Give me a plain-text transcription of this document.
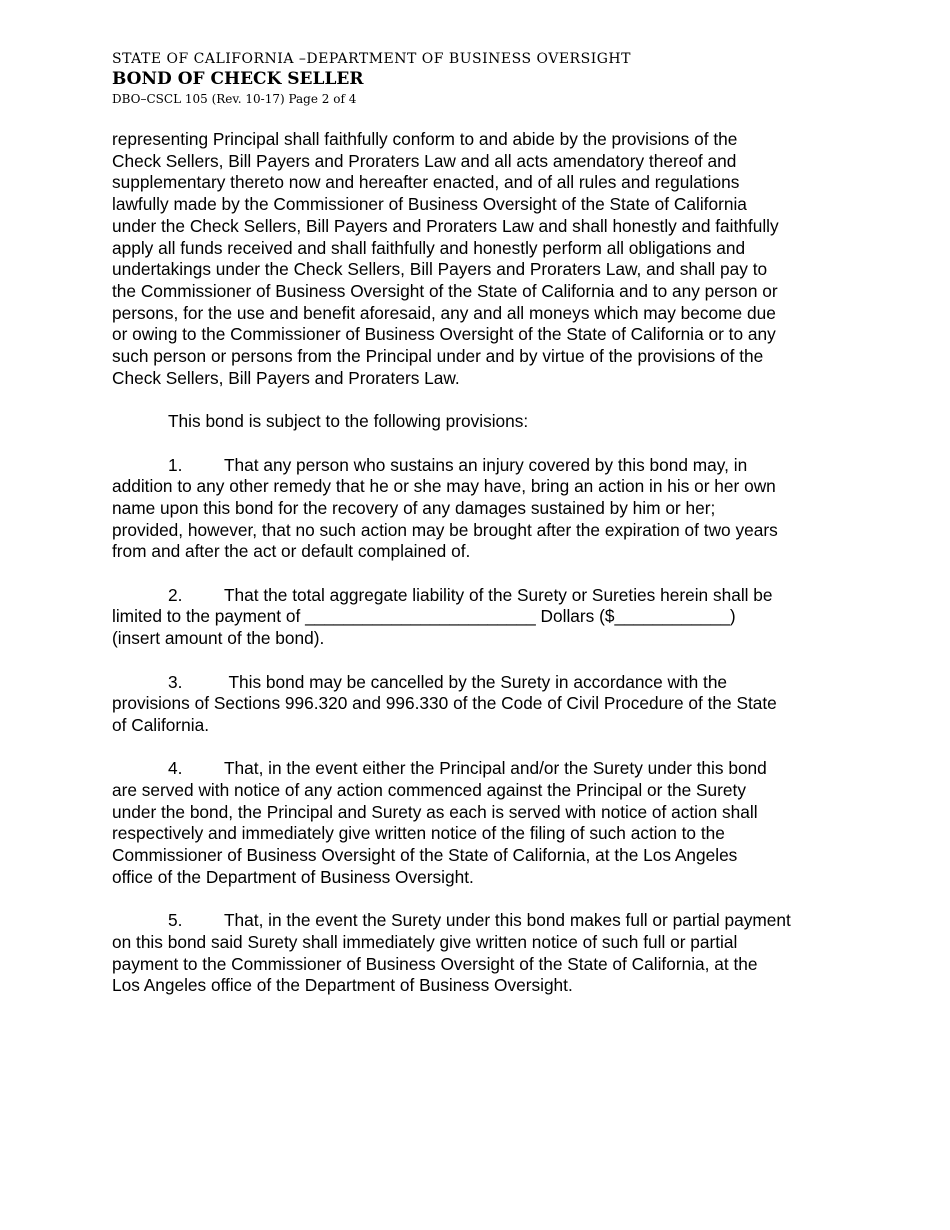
STATE OF CALIFORNIA –DEPARTMENT OF BUSINESS OVERSIGHT

BOND OF CHECK SELLER

DBO–CSCL 105 (Rev. 10-17) Page 2 of 4

representing Principal shall faithfully conform to and abide by the provisions of the
Check Sellers, Bill Payers and Proraters Law and all acts amendatory thereof and
supplementary thereto now and hereafter enacted, and of all rules and regulations
lawfully made by the Commissioner of Business Oversight of the State of California
under the Check Sellers, Bill Payers and Proraters Law and shall honestly and faithfully
apply all funds received and shall faithfully and honestly perform all obligations and
undertakings under the Check Sellers, Bill Payers and Proraters Law, and shall pay to
the Commissioner of Business Oversight of the State of California and to any person or
persons, for the use and benefit aforesaid, any and all moneys which may become due
or owing to the Commissioner of Business Oversight of the State of California or to any
such person or persons from the Principal under and by virtue of the provisions of the
Check Sellers, Bill Payers and Proraters Law.

This bond is subject to the following provisions:

1. That any person who sustains an injury covered by this bond may, in
addition to any other remedy that he or she may have, bring an action in his or her own
name upon this bond for the recovery of any damages sustained by him or her;
provided, however, that no such action may be brought after the expiration of two years
from and after the act or default complained of.

2. That the total aggregate liability of the Surety or Sureties herein shall be
limited to the payment of ________________________ Dollars ($____________)
(insert amount of the bond).

3. This bond may be cancelled by the Surety in accordance with the
provisions of Sections 996.320 and 996.330 of the Code of Civil Procedure of the State
of California.

4. That, in the event either the Principal and/or the Surety under this bond
are served with notice of any action commenced against the Principal or the Surety
under the bond, the Principal and Surety as each is served with notice of action shall
respectively and immediately give written notice of the filing of such action to the
Commissioner of Business Oversight of the State of California, at the Los Angeles
office of the Department of Business Oversight.

5. That, in the event the Surety under this bond makes full or partial payment
on this bond said Surety shall immediately give written notice of such full or partial
payment to the Commissioner of Business Oversight of the State of California, at the
Los Angeles office of the Department of Business Oversight.
